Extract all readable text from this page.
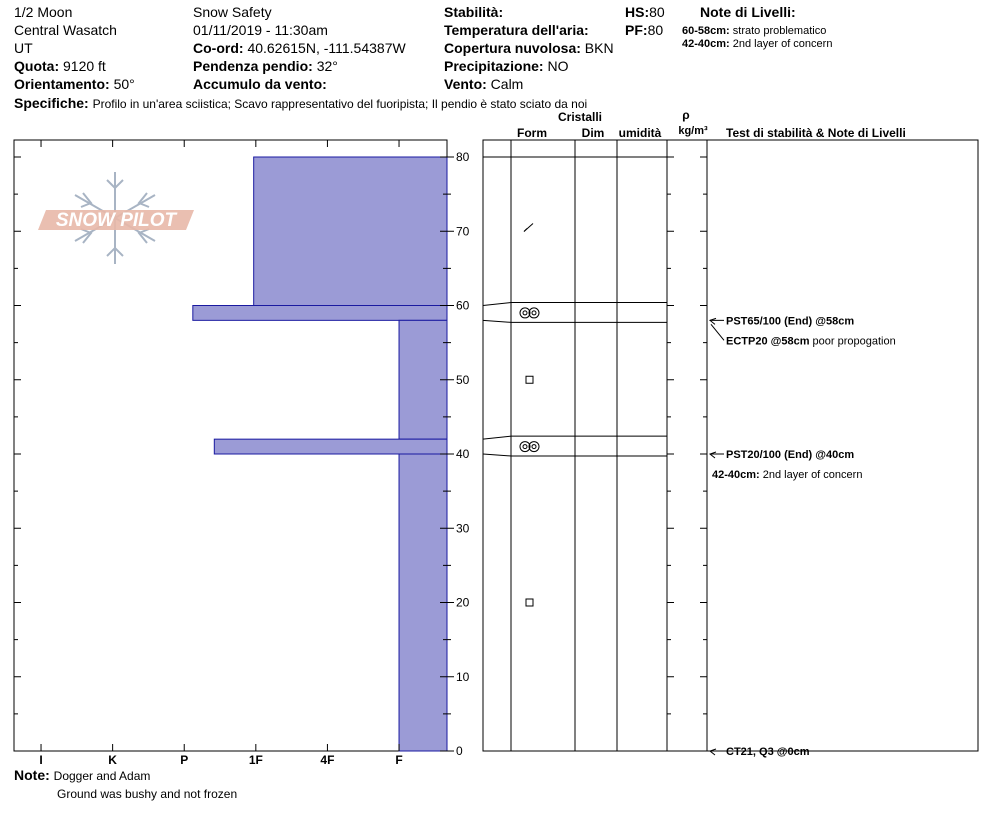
1/2 Moon
Central Wasatch
UT
Quota: 9120 ft
Orientamento: 50°
Specifiche: Profilo in un'area sciistica; Scavo rappresentativo del fuoripista; Il pendio è stato sciato da noi
Snow Safety
01/11/2019 - 11:30am
Co-ord: 40.62615N, -111.54387W
Pendenza pendio: 32°
Accumulo da vento:
Stabilità:
Temperatura dell'aria:
Copertura nuvolosa: BKN
Precipitazione: NO
Vento: Calm
HS:80
PF:80
Note di Livelli:
60-58cm: strato problematico
42-40cm: 2nd layer of concern
Cristalli
Form	Dim	umidità
ρ
kg/m³	Test di stabilità & Note di Livelli
SNOW PILOT
0
10
20
30
40
50
60
70
80
I	K	P	1F	4F	F
PST65/100 (End) @58cm
ECTP20 @58cm poor propogation
PST20/100 (End) @40cm
42-40cm: 2nd layer of concern
CT21, Q3 @0cm
Note: Dogger and Adam
Ground was bushy and not frozen
